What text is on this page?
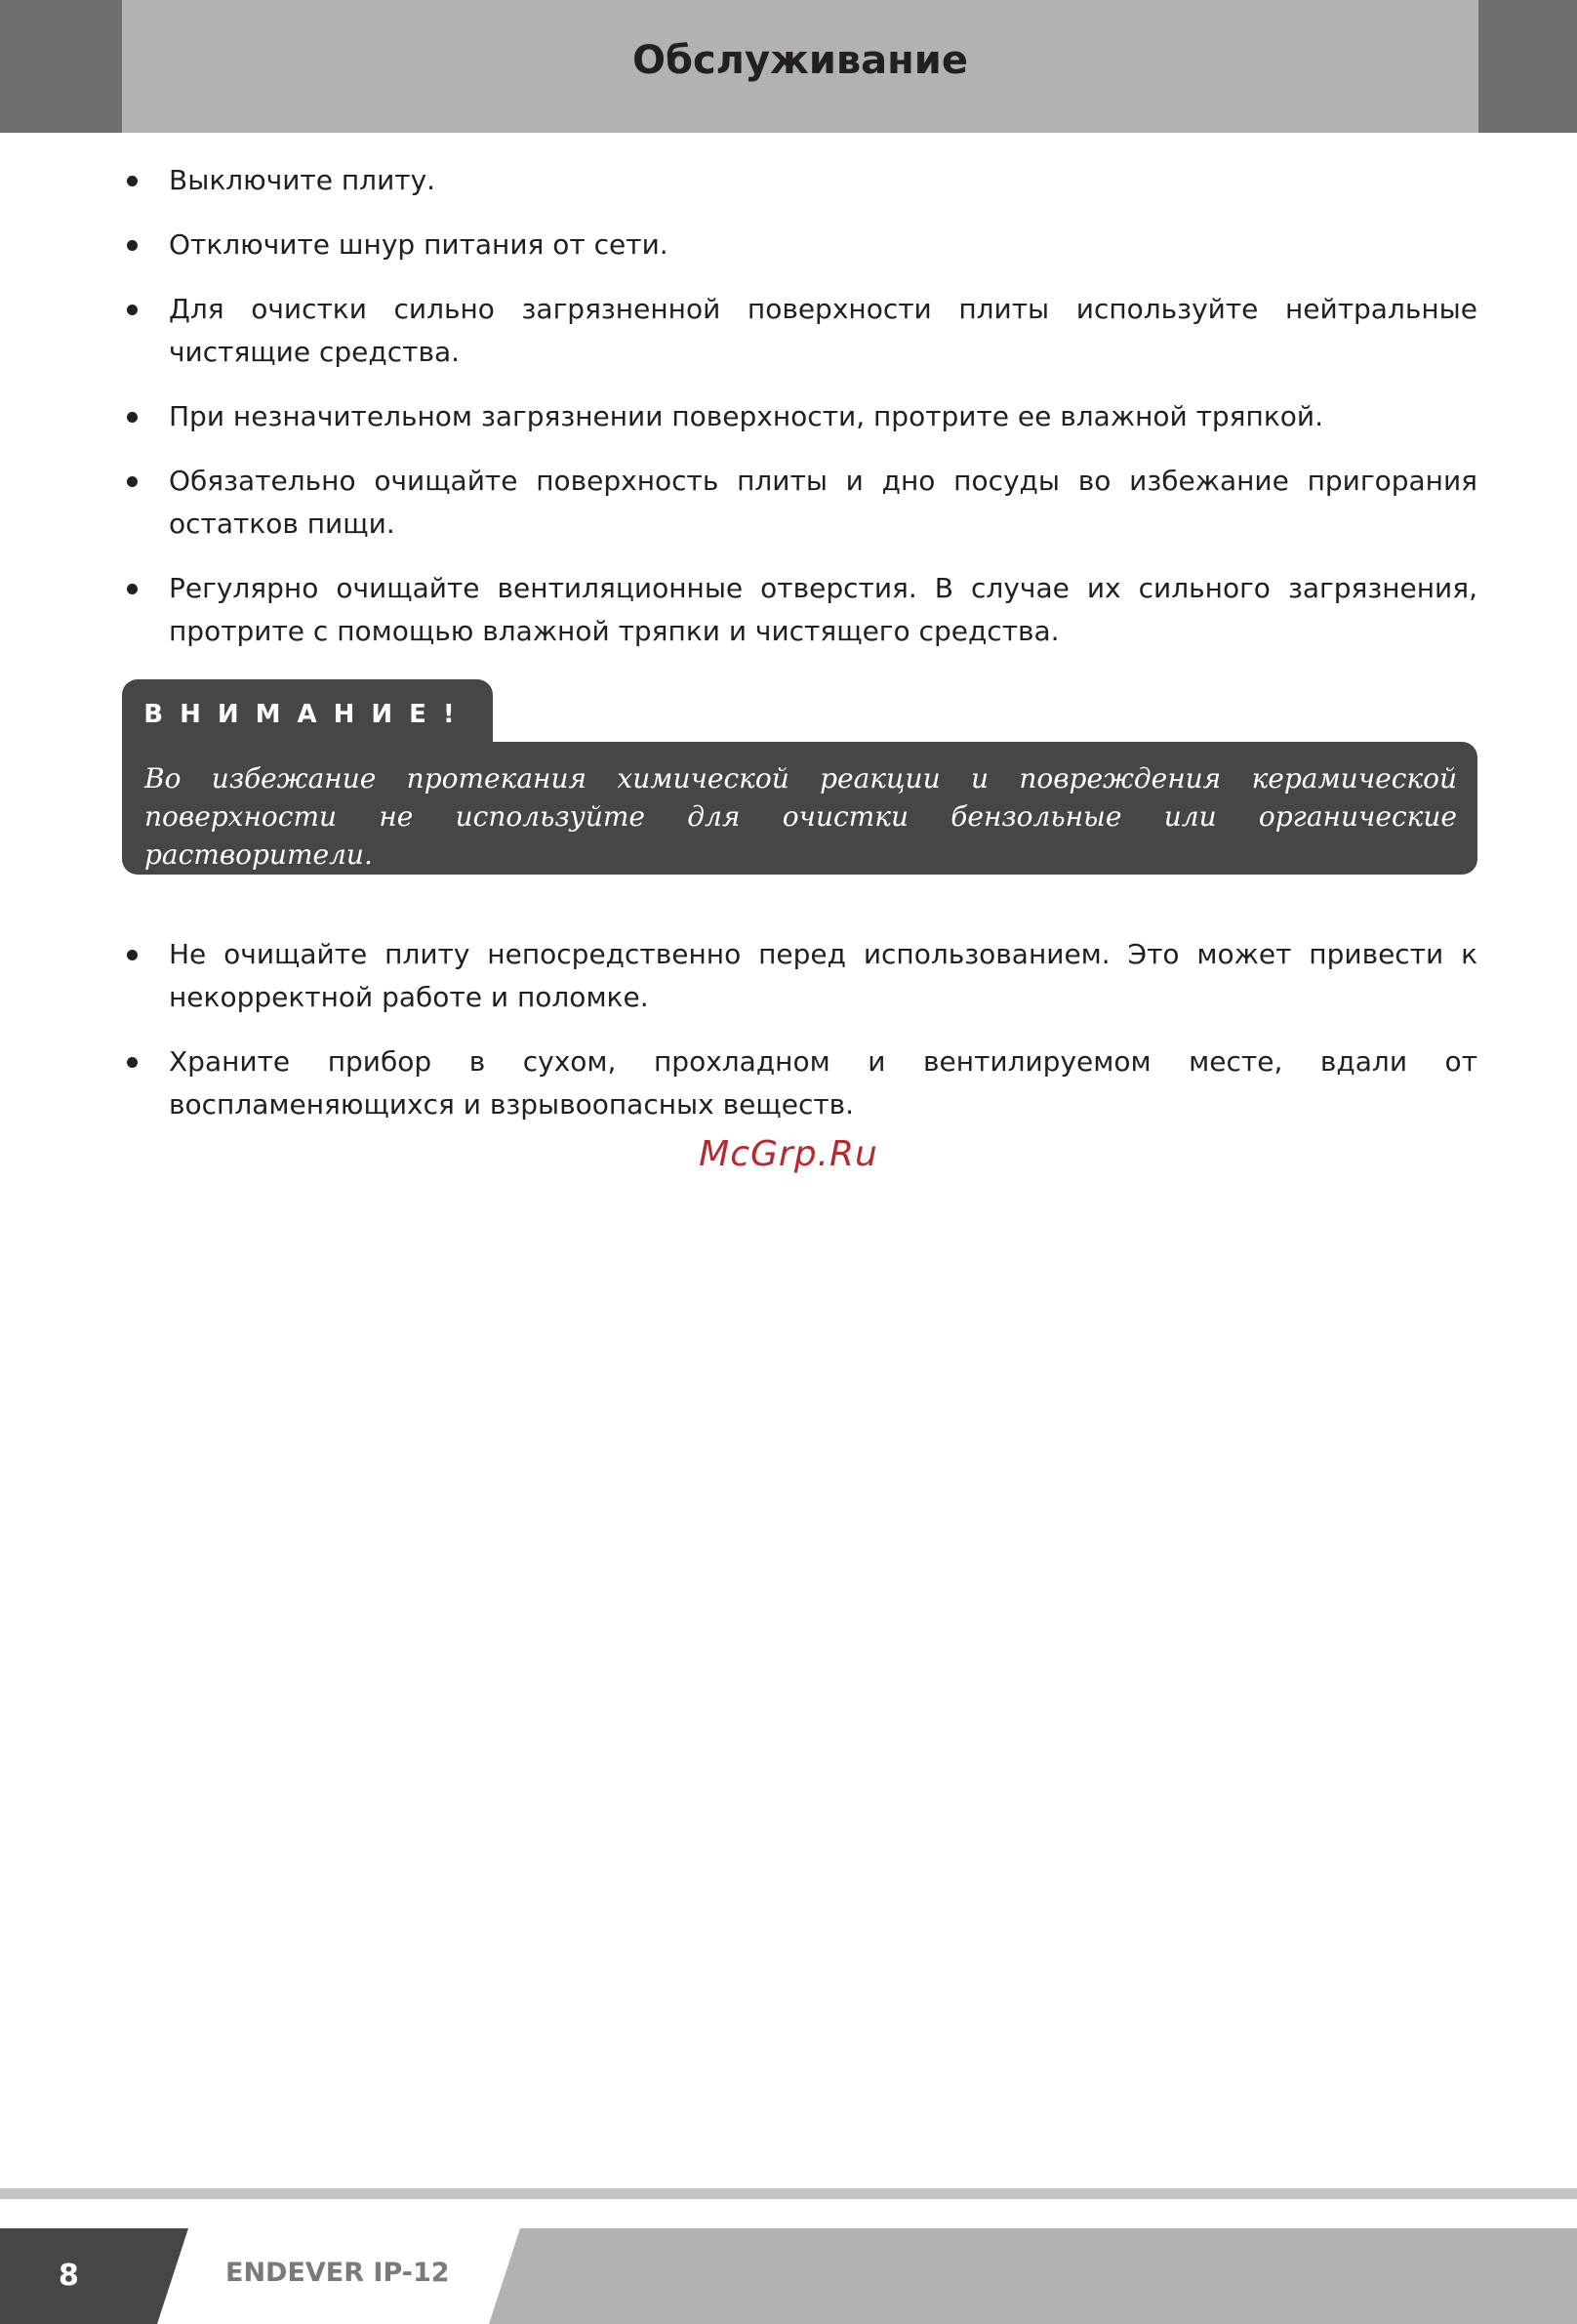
Обслуживание
Выключите плиту.
Отключите шнур питания от сети.
Для очистки сильно загрязненной поверхности плиты используйте нейтральные чистящие средства.
При незначительном загрязнении поверхности, протрите ее влажной тряпкой.
Обязательно очищайте поверхность плиты и дно посуды во избежание пригорания остатков пищи.
Регулярно очищайте вентиляционные отверстия. В случае их сильного загрязнения, протрите с помощью влажной тряпки и чистящего средства.
ВНИМАНИЕ!

Во избежание протекания химической реакции и повреждения керамической поверхности не используйте для очистки бензольные или органические растворители.

Не очищайте плиту непосредственно перед использованием. Это может привести к некорректной работе и поломке.
Храните прибор в сухом, прохладном и вентилируемом месте, вдали от воспламеняющихся и взрывоопасных веществ.
McGrp.Ru
8	ENDEVER IP-12
